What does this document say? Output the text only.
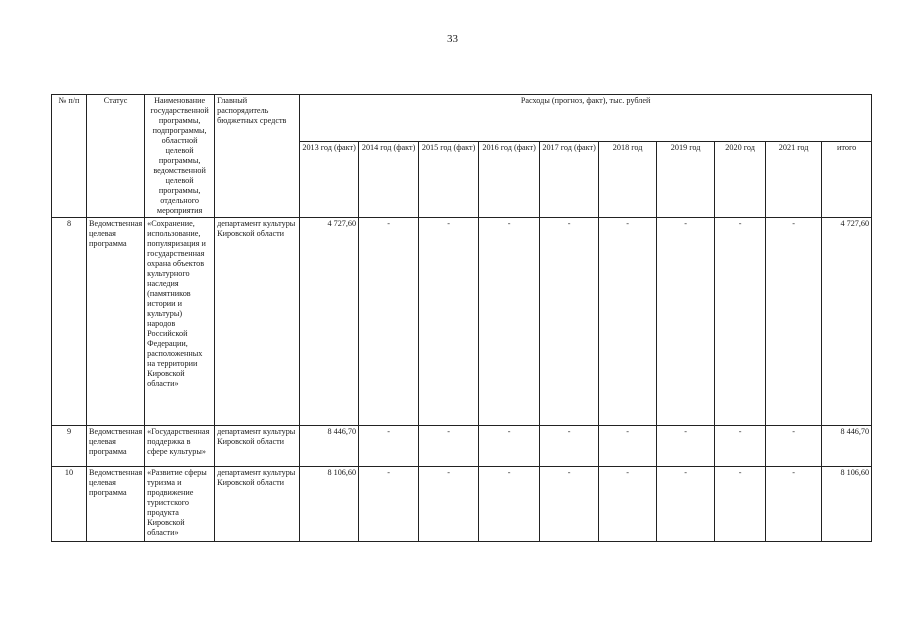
33
№ п/п	Статус	Наименование государственной программы, подпрограммы, областной целевой программы, ведомственной целевой программы, отдельного мероприятия	Главный распорядитель бюджетных средств	Расходы (прогноз, факт), тыс. рублей									
				2013 год (факт)	2014 год (факт)	2015 год (факт)	2016 год (факт)	2017 год (факт)	2018 год	2019 год	2020 год	2021 год	итого
8	Ведомственная целевая программа	«Сохранение, использование, популяризация и государственная охрана объектов культурного наследия (памятников истории и культуры) народов Российской Федерации, расположенных на территории Кировской области»	департамент культуры Кировской области	4 727,60	-	-	-	-	-	-	-	-	4 727,60
9	Ведомственная целевая программа	«Государственная поддержка в сфере культуры»	департамент культуры Кировской области	8 446,70	-	-	-	-	-	-	-	-	8 446,70
10	Ведомственная целевая программа	«Развитие сферы туризма и продвижение туристского продукта Кировской области»	департамент культуры Кировской области	8 106,60	-	-	-	-	-	-	-	-	8 106,60
